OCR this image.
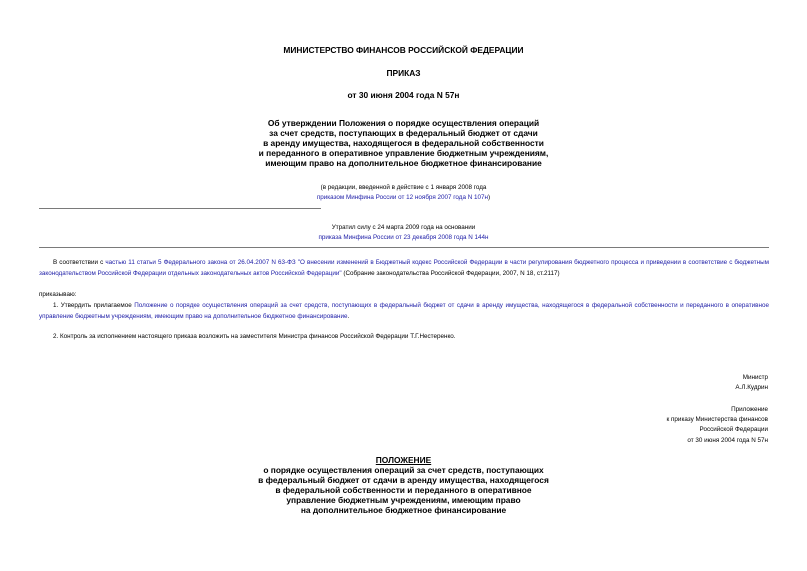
МИНИСТЕРСТВО ФИНАНСОВ РОССИЙСКОЙ ФЕДЕРАЦИИ
ПРИКАЗ
от 30 июня 2004 года N 57н
Об утверждении Положения о порядке осуществления операций
за счет средств, поступающих в федеральный бюджет от сдачи
в аренду имущества, находящегося в федеральной собственности
и переданного в оперативное управление бюджетным учреждениям,
имеющим право на дополнительное бюджетное финансирование
(в редакции, введенной в действие с 1 января 2008 года
приказом Минфина России от 12 ноября 2007 года N 107н)
Утратил силу с 24 марта 2009 года на основании
приказа Минфина России от 23 декабря 2008 года N 144н
В соответствии с частью 11 статьи 5 Федерального закона от 26.04.2007 N 63-ФЗ "О внесении изменений в Бюджетный кодекс Российской Федерации в части регулирования бюджетного процесса и приведении в соответствие с бюджетным законодательством Российской Федерации отдельных законодательных актов Российской Федерации" (Собрание законодательства Российской Федерации, 2007, N 18, ст.2117)
приказываю:
1. Утвердить прилагаемое Положение о порядке осуществления операций за счет средств, поступающих в федеральный бюджет от сдачи в аренду имущества, находящегося в федеральной собственности и переданного в оперативное управление бюджетным учреждениям, имеющим право на дополнительное бюджетное финансирование.
2. Контроль за исполнением настоящего приказа возложить на заместителя Министра финансов Российской Федерации Т.Г.Нестеренко.
Министр
А.Л.Кудрин
Приложение
к приказу Министерства финансов
Российской Федерации
от 30 июня 2004 года N 57н
ПОЛОЖЕНИЕ
о порядке осуществления операций за счет средств, поступающих
в федеральный бюджет от сдачи в аренду имущества, находящегося
в федеральной собственности и переданного в оперативное
управление бюджетным учреждениям, имеющим право
на дополнительное бюджетное финансирование
